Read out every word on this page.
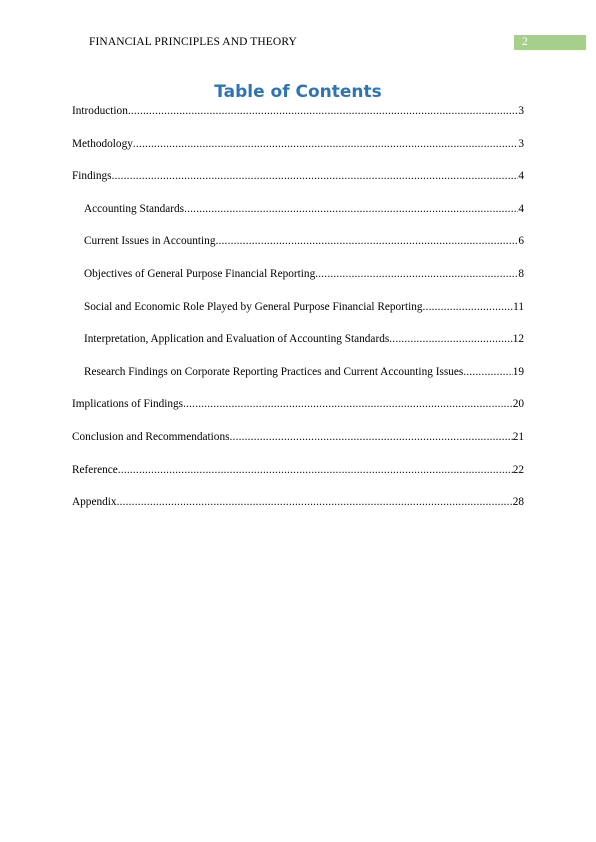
FINANCIAL PRINCIPLES AND THEORY	2
Table of Contents
Introduction .....	3
Methodology .....	3
Findings .....	4
Accounting Standards .....	4
Current Issues in Accounting .....	6
Objectives of General Purpose Financial Reporting .....	8
Social and Economic Role Played by General Purpose Financial Reporting .....	11
Interpretation, Application and Evaluation of Accounting Standards .....	12
Research Findings on Corporate Reporting Practices and Current Accounting Issues .....	19
Implications of Findings .....	20
Conclusion and Recommendations .....	21
Reference .....	22
Appendix .....	28
